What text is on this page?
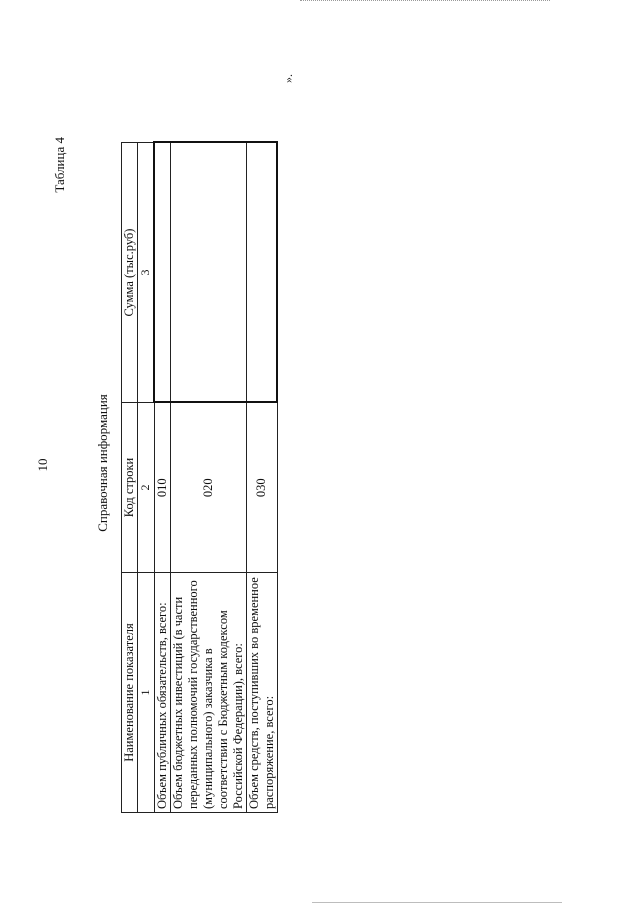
10
Таблица 4
Справочная информация
Наименование показателя	Код строки	Сумма (тыс.руб)
1	2	3
Объем публичных обязательств, всего:	010	
Объем бюджетных инвестиций (в части переданных полномочий государственного (муниципального) заказчика в соответствии с Бюджетным кодексом Российской Федерации), всего:	020	
Объем средств, поступивших во временное распоряжение, всего:	030	
».
